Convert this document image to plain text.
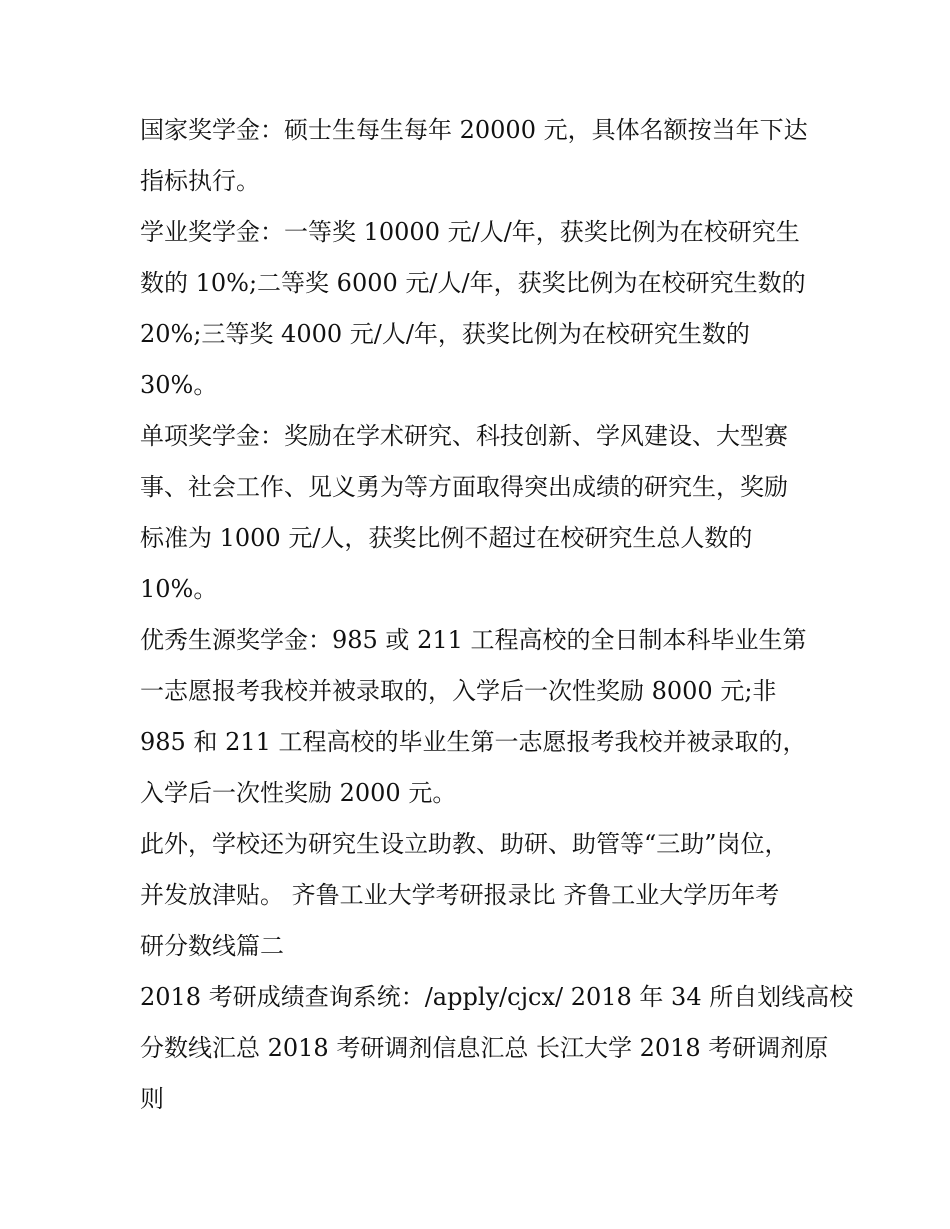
国家奖学金：硕士生每生每年 20000 元，具体名额按当年下达
指标执行。
学业奖学金：一等奖 10000 元/人/年，获奖比例为在校研究生
数的 10%;二等奖 6000 元/人/年，获奖比例为在校研究生数的
20%;三等奖 4000 元/人/年，获奖比例为在校研究生数的
30%。
单项奖学金：奖励在学术研究、科技创新、学风建设、大型赛
事、社会工作、见义勇为等方面取得突出成绩的研究生，奖励
标准为 1000 元/人，获奖比例不超过在校研究生总人数的
10%。
优秀生源奖学金：985 或 211 工程高校的全日制本科毕业生第
一志愿报考我校并被录取的，入学后一次性奖励 8000 元;非
985 和 211 工程高校的毕业生第一志愿报考我校并被录取的，
入学后一次性奖励 2000 元。
此外，学校还为研究生设立助教、助研、助管等“三助”岗位，
并发放津贴。 齐鲁工业大学考研报录比 齐鲁工业大学历年考
研分数线篇二
2018 考研成绩查询系统：/apply/cjcx/ 2018 年 34 所自划线高校
分数线汇总 2018 考研调剂信息汇总 长江大学 2018 考研调剂原
则
